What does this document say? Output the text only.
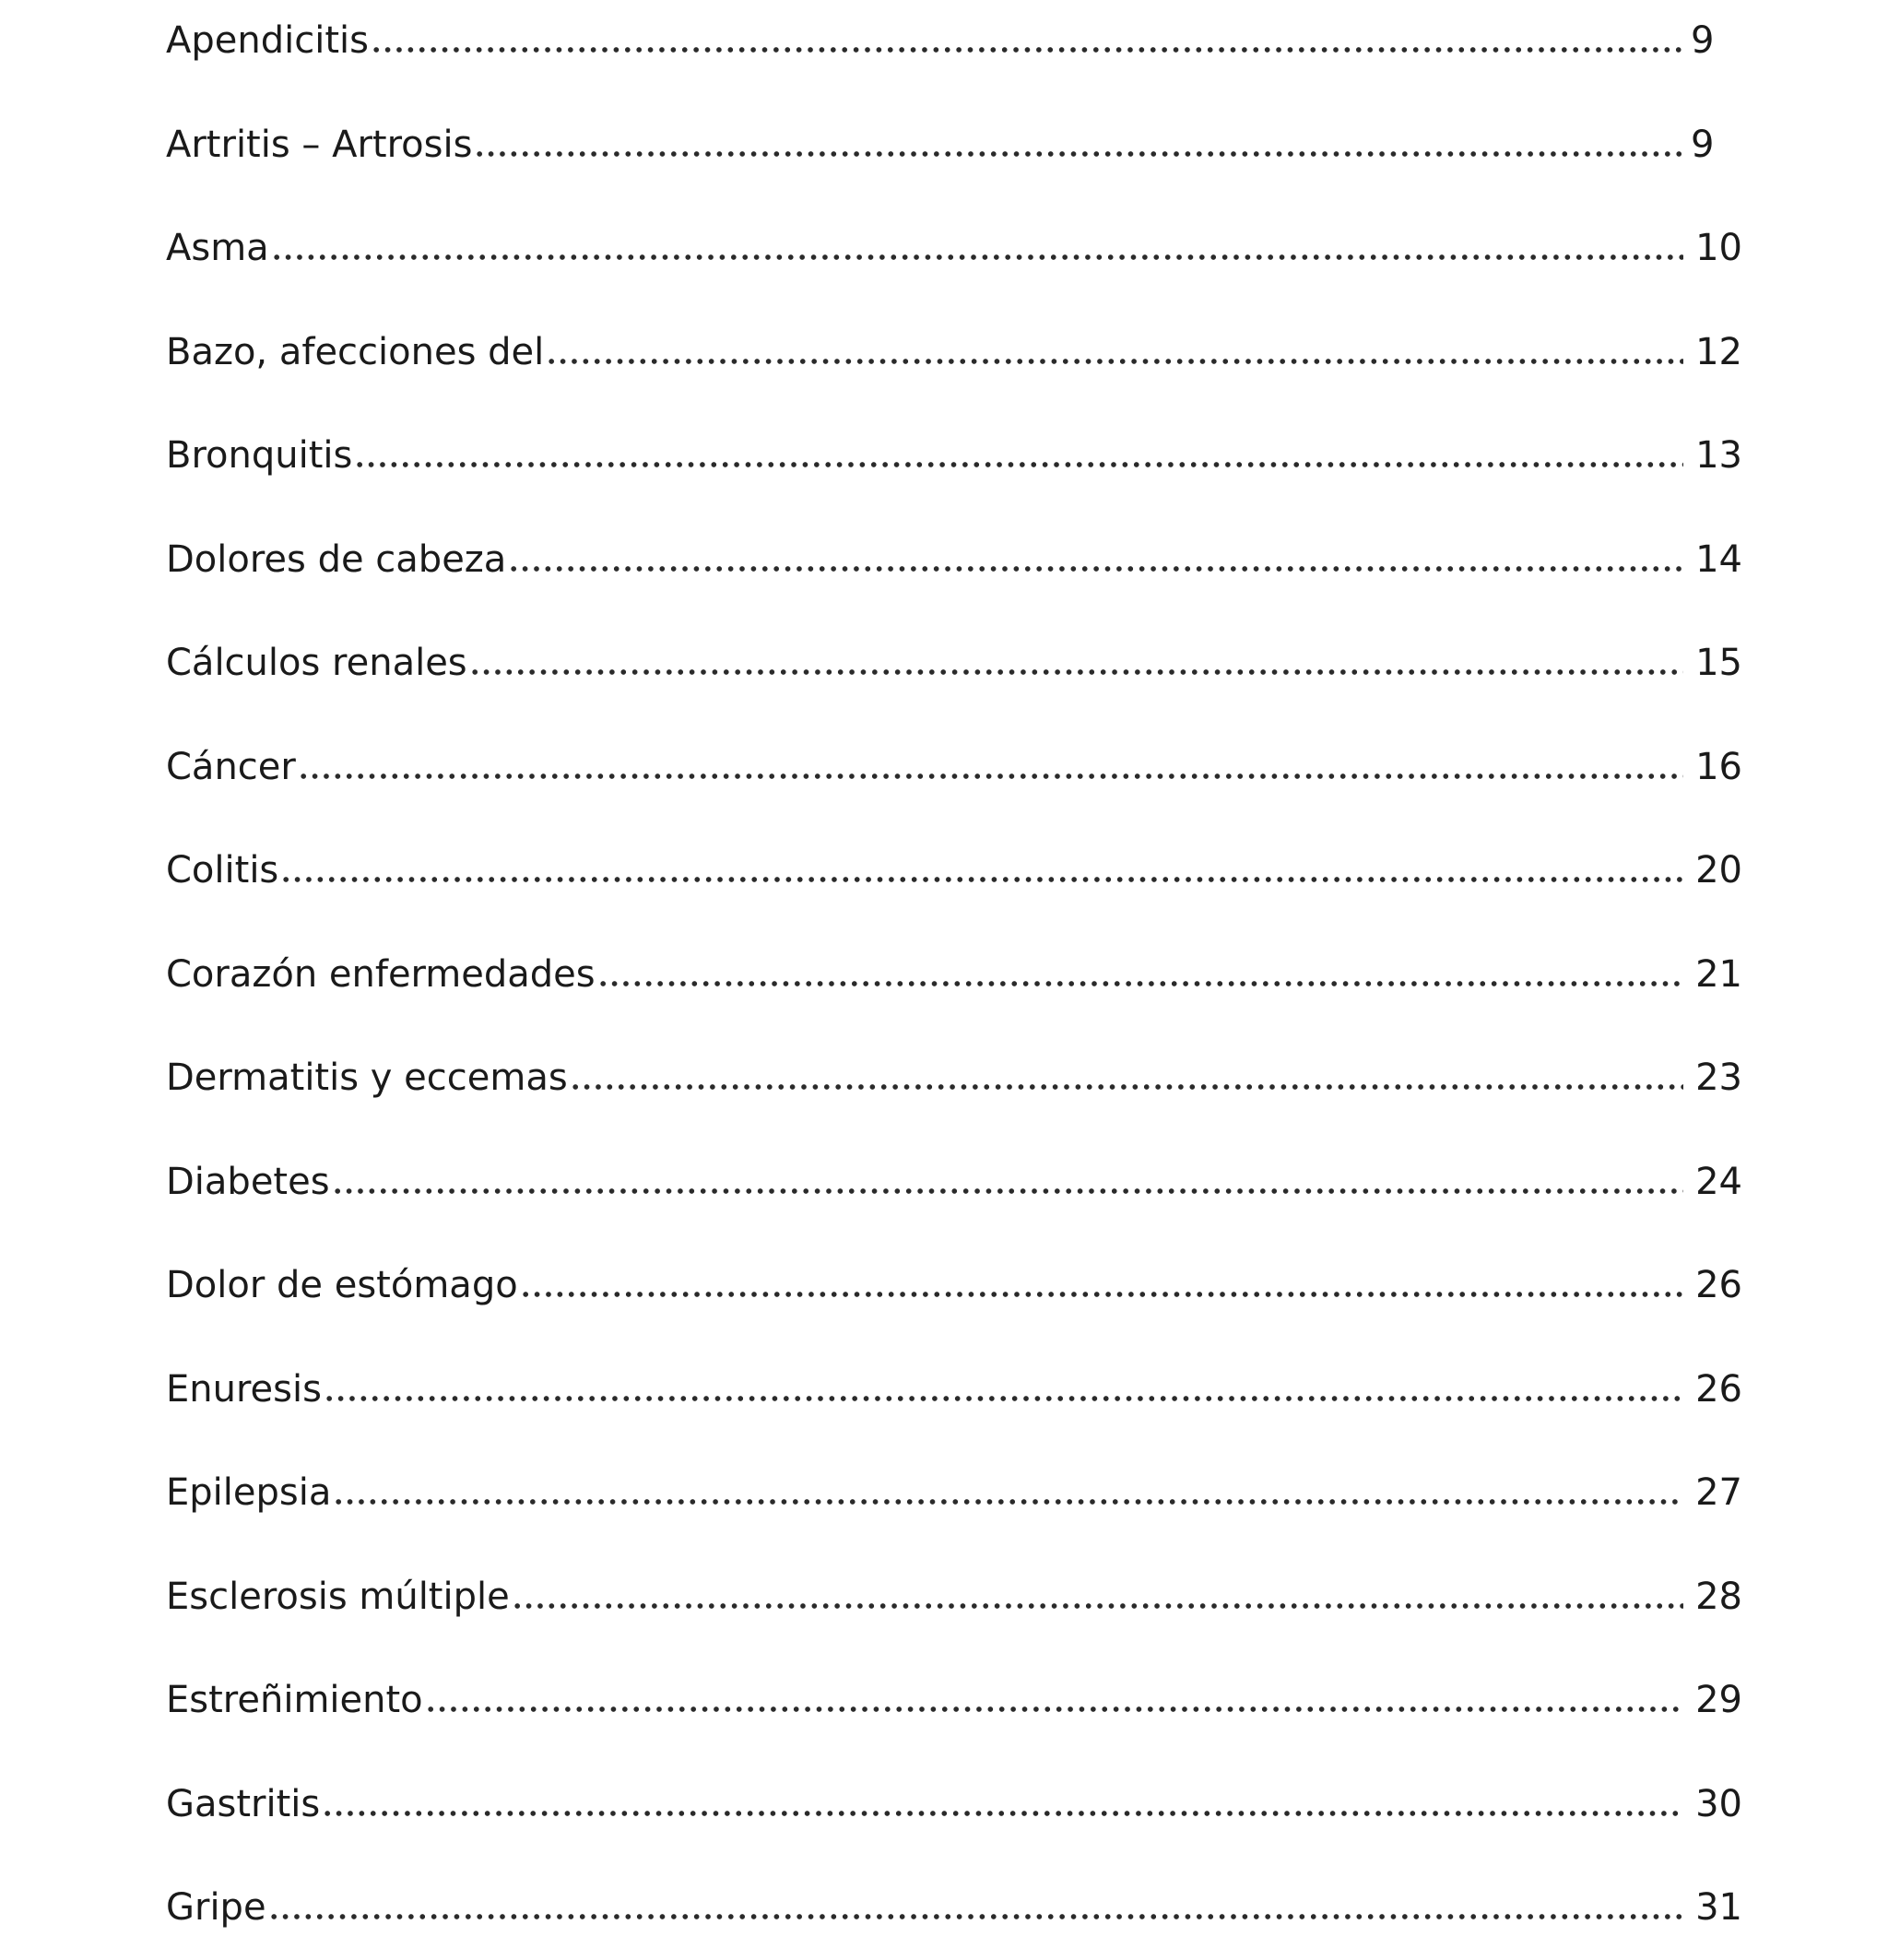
Apendicitis	9
Artritis – Artrosis	9
Asma	10
Bazo, afecciones del	12
Bronquitis	13
Dolores de cabeza	14
Cálculos renales	15
Cáncer	16
Colitis	20
Corazón enfermedades	21
Dermatitis y eccemas	23
Diabetes	24
Dolor de estómago	26
Enuresis	26
Epilepsia	27
Esclerosis múltiple	28
Estreñimiento	29
Gastritis	30
Gripe	31
